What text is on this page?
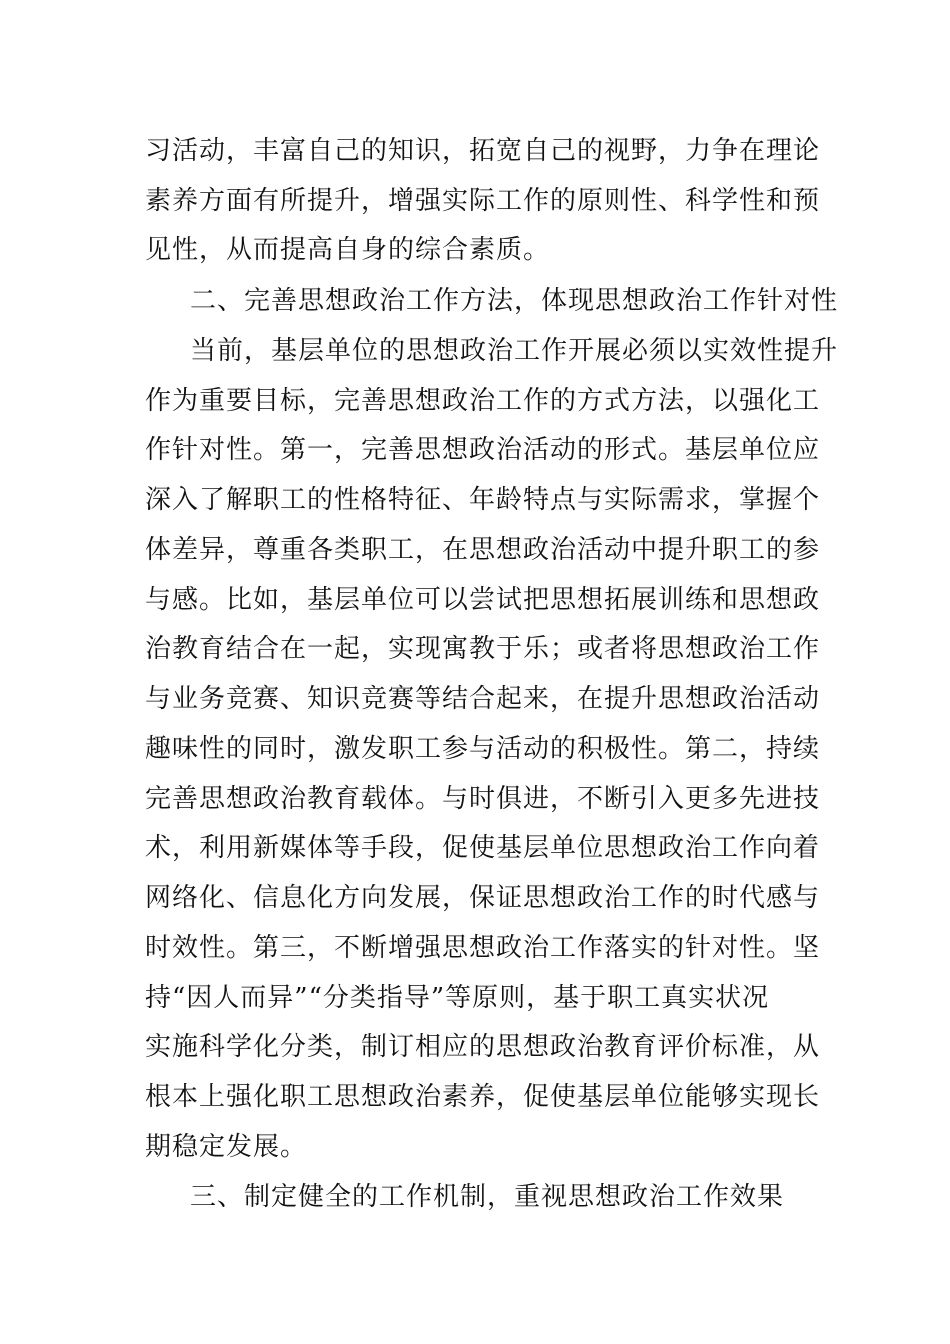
习活动，丰富自己的知识，拓宽自己的视野，力争在理论
素养方面有所提升，增强实际工作的原则性、科学性和预
见性，从而提高自身的综合素质。
二、完善思想政治工作方法，体现思想政治工作针对性
当前，基层单位的思想政治工作开展必须以实效性提升
作为重要目标，完善思想政治工作的方式方法，以强化工
作针对性。第一，完善思想政治活动的形式。基层单位应
深入了解职工的性格特征、年龄特点与实际需求，掌握个
体差异，尊重各类职工，在思想政治活动中提升职工的参
与感。比如，基层单位可以尝试把思想拓展训练和思想政
治教育结合在一起，实现寓教于乐；或者将思想政治工作
与业务竞赛、知识竞赛等结合起来，在提升思想政治活动
趣味性的同时，激发职工参与活动的积极性。第二，持续
完善思想政治教育载体。与时俱进，不断引入更多先进技
术，利用新媒体等手段，促使基层单位思想政治工作向着
网络化、信息化方向发展，保证思想政治工作的时代感与
时效性。第三，不断增强思想政治工作落实的针对性。坚
持“因人而异”“分类指导”等原则，基于职工真实状况
实施科学化分类，制订相应的思想政治教育评价标准，从
根本上强化职工思想政治素养，促使基层单位能够实现长
期稳定发展。
三、制定健全的工作机制，重视思想政治工作效果
